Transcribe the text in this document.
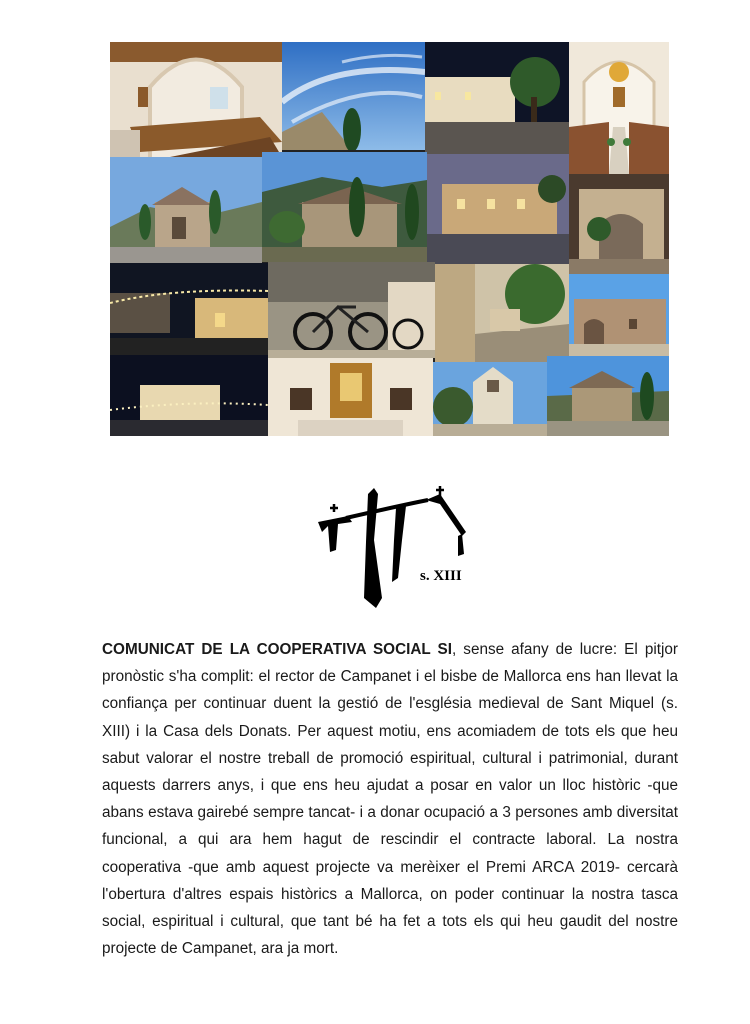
s. XIII
COMUNICAT DE LA COOPERATIVA SOCIAL SI, sense afany de lucre: El pitjor pronòstic s'ha complit: el rector de Campanet i el bisbe de Mallorca ens han llevat la confiança per continuar duent la gestió de l'església medieval de Sant Miquel (s. XIII) i la Casa dels Donats. Per aquest motiu, ens acomiadem de tots els que heu sabut valorar el nostre treball de promoció espiritual, cultural i patrimonial, durant aquests darrers anys, i que ens heu ajudat a posar en valor un lloc històric -que abans estava gairebé sempre tancat- i a donar ocupació a 3 persones amb diversitat funcional, a qui ara hem hagut de rescindir el contracte laboral. La nostra cooperativa -que amb aquest projecte va merèixer el Premi ARCA 2019- cercarà l'obertura d'altres espais històrics a Mallorca, on poder continuar la nostra tasca social, espiritual i cultural, que tant bé ha fet a tots els qui heu gaudit del nostre projecte de Campanet, ara ja mort.
